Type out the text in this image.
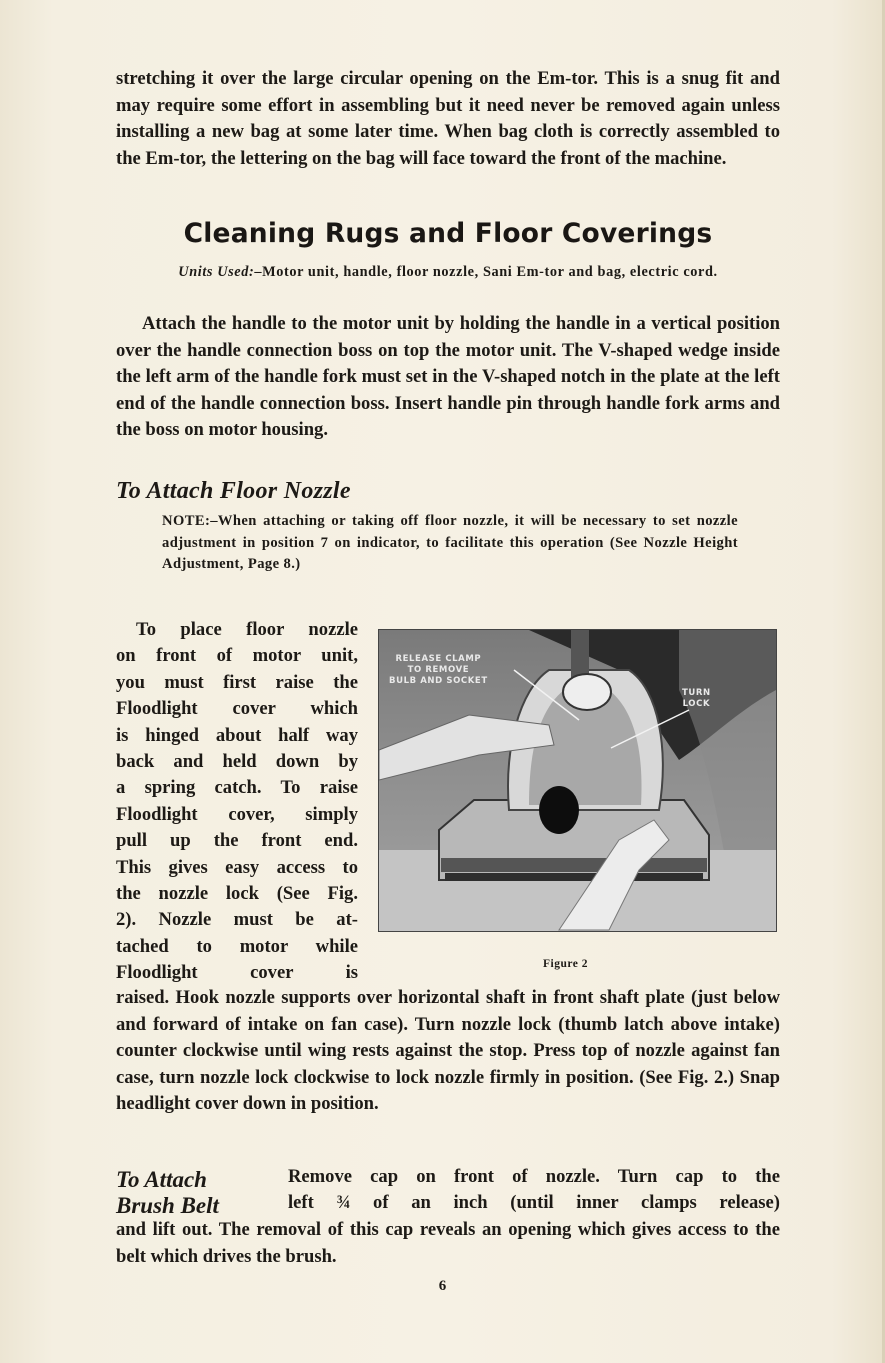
stretching it over the large circular opening on the Em-tor. This is a snug fit and may require some effort in assembling but it need never be removed again unless installing a new bag at some later time. When bag cloth is correctly assembled to the Em-tor, the lettering on the bag will face toward the front of the machine.
Cleaning Rugs and Floor Coverings
Units Used:–Motor unit, handle, floor nozzle, Sani Em-tor and bag, electric cord.
Attach the handle to the motor unit by holding the handle in a vertical position over the handle connection boss on top the motor unit. The V-shaped wedge inside the left arm of the handle fork must set in the V-shaped notch in the plate at the left end of the handle connection boss. Insert handle pin through handle fork arms and the boss on motor housing.
To Attach Floor Nozzle
NOTE:–When attaching or taking off floor nozzle, it will be necessary to set nozzle adjustment in position 7 on indicator, to facilitate this operation (See Nozzle Height Adjustment, Page 8.)
To place floor nozzle
on front of motor unit,
you must first raise the
Floodlight cover which
is hinged about half way
back and held down by
a spring catch. To raise
Floodlight cover, simply
pull up the front end.
This gives easy access to
the nozzle lock (See Fig.
2). Nozzle must be at-
tached to motor while
Floodlight cover is
RELEASE CLAMP
TO REMOVE
BULB AND SOCKET
TURN
LOCK
Figure 2
raised. Hook nozzle supports over horizontal shaft in front shaft plate (just below and forward of intake on fan case). Turn nozzle lock (thumb latch above intake) counter clockwise until wing rests against the stop. Press top of nozzle against fan case, turn nozzle lock clockwise to lock nozzle firmly in position. (See Fig. 2.) Snap headlight cover down in position.
To Attach
Brush Belt
Remove cap on front of nozzle. Turn cap to the
left ¾ of an inch (until inner clamps release)
and lift out. The removal of this cap reveals an opening which gives access to the belt which drives the brush.
6
